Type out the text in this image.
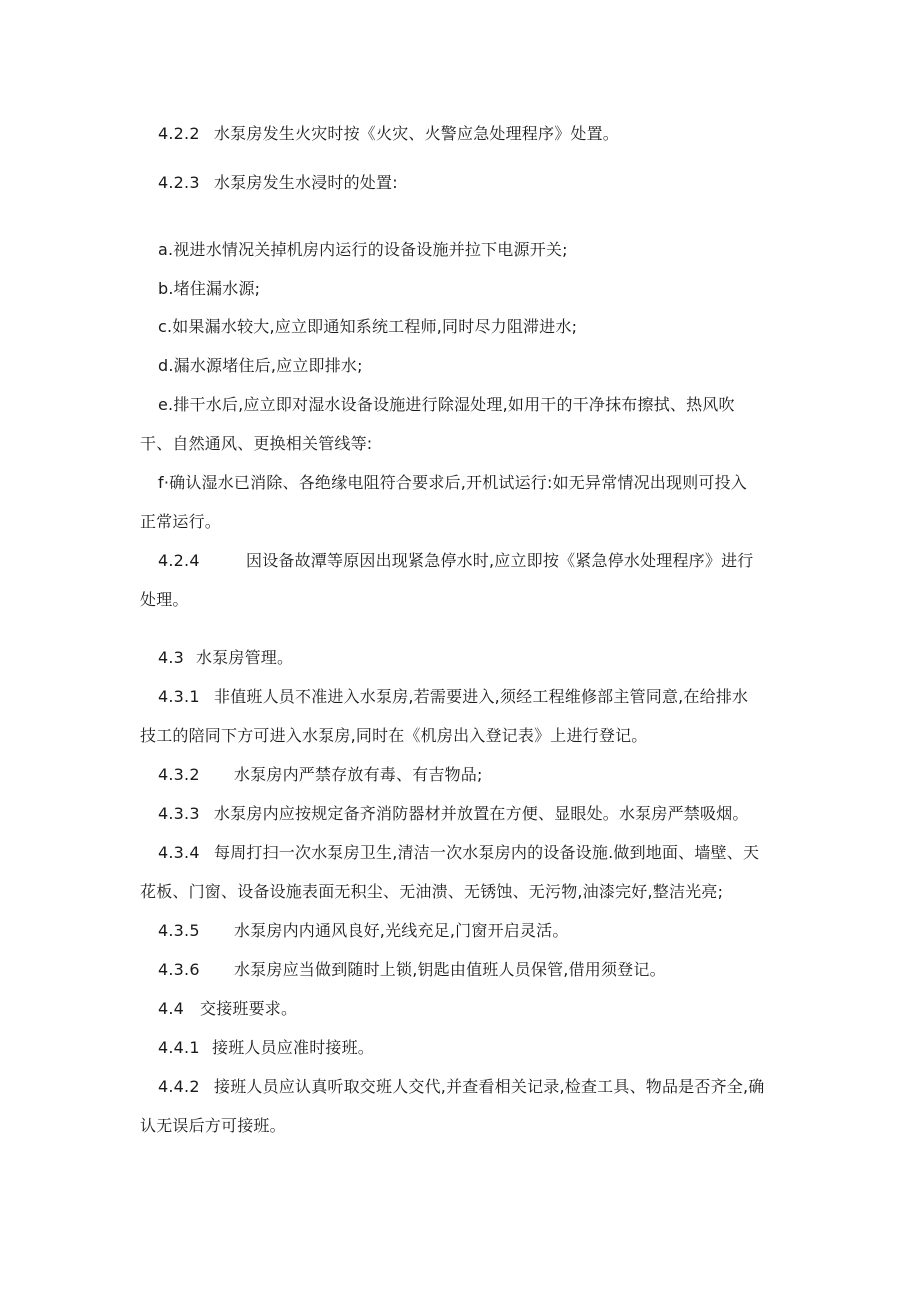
4.2.2 水泵房发生火灾时按《火灾、火警应急处理程序》处置。
4.2.3 水泵房发生水浸时的处置:
a.视进水情况关掉机房内运行的设备设施并拉下电源开关;
b.堵住漏水源;
c.如果漏水较大,应立即通知系统工程师,同时尽力阻滞进水;
d.漏水源堵住后,应立即排水;
e.排干水后,应立即对湿水设备设施进行除湿处理,如用干的干净抹布擦拭、热风吹
干、自然通风、更换相关管线等:
f·确认湿水已消除、各绝缘电阻符合要求后,开机试运行:如无异常情况出现则可投入
正常运行。
4.2.4	因设备故潭等原因出现紧急停水时,应立即按《紧急停水处理程序》进行
处理。
4.3 水泵房管理。
4.3.1 非值班人员不准进入水泵房,若需要进入,须经工程维修部主管同意,在给排水
技工的陪同下方可进入水泵房,同时在《机房出入登记表》上进行登记。
4.3.2 水泵房内严禁存放有毒、有吉物品;
4.3.3 水泵房内应按规定备齐消防器材并放置在方便、显眼处。水泵房严禁吸烟。
4.3.4 每周打扫一次水泵房卫生,清洁一次水泵房内的设备设施.做到地面、墙壁、天
花板、门窗、设备设施表面无积尘、无油溃、无锈蚀、无污物,油漆完好,整洁光亮;
4.3.5 水泵房内内通风良好,光线充足,门窗开启灵活。
4.3.6 水泵房应当做到随时上锁,钥匙由值班人员保管,借用须登记。
4.4 交接班要求。
4.4.1 接班人员应准时接班。
4.4.2 接班人员应认真听取交班人交代,并查看相关记录,检查工具、物品是否齐全,确
认无误后方可接班。
